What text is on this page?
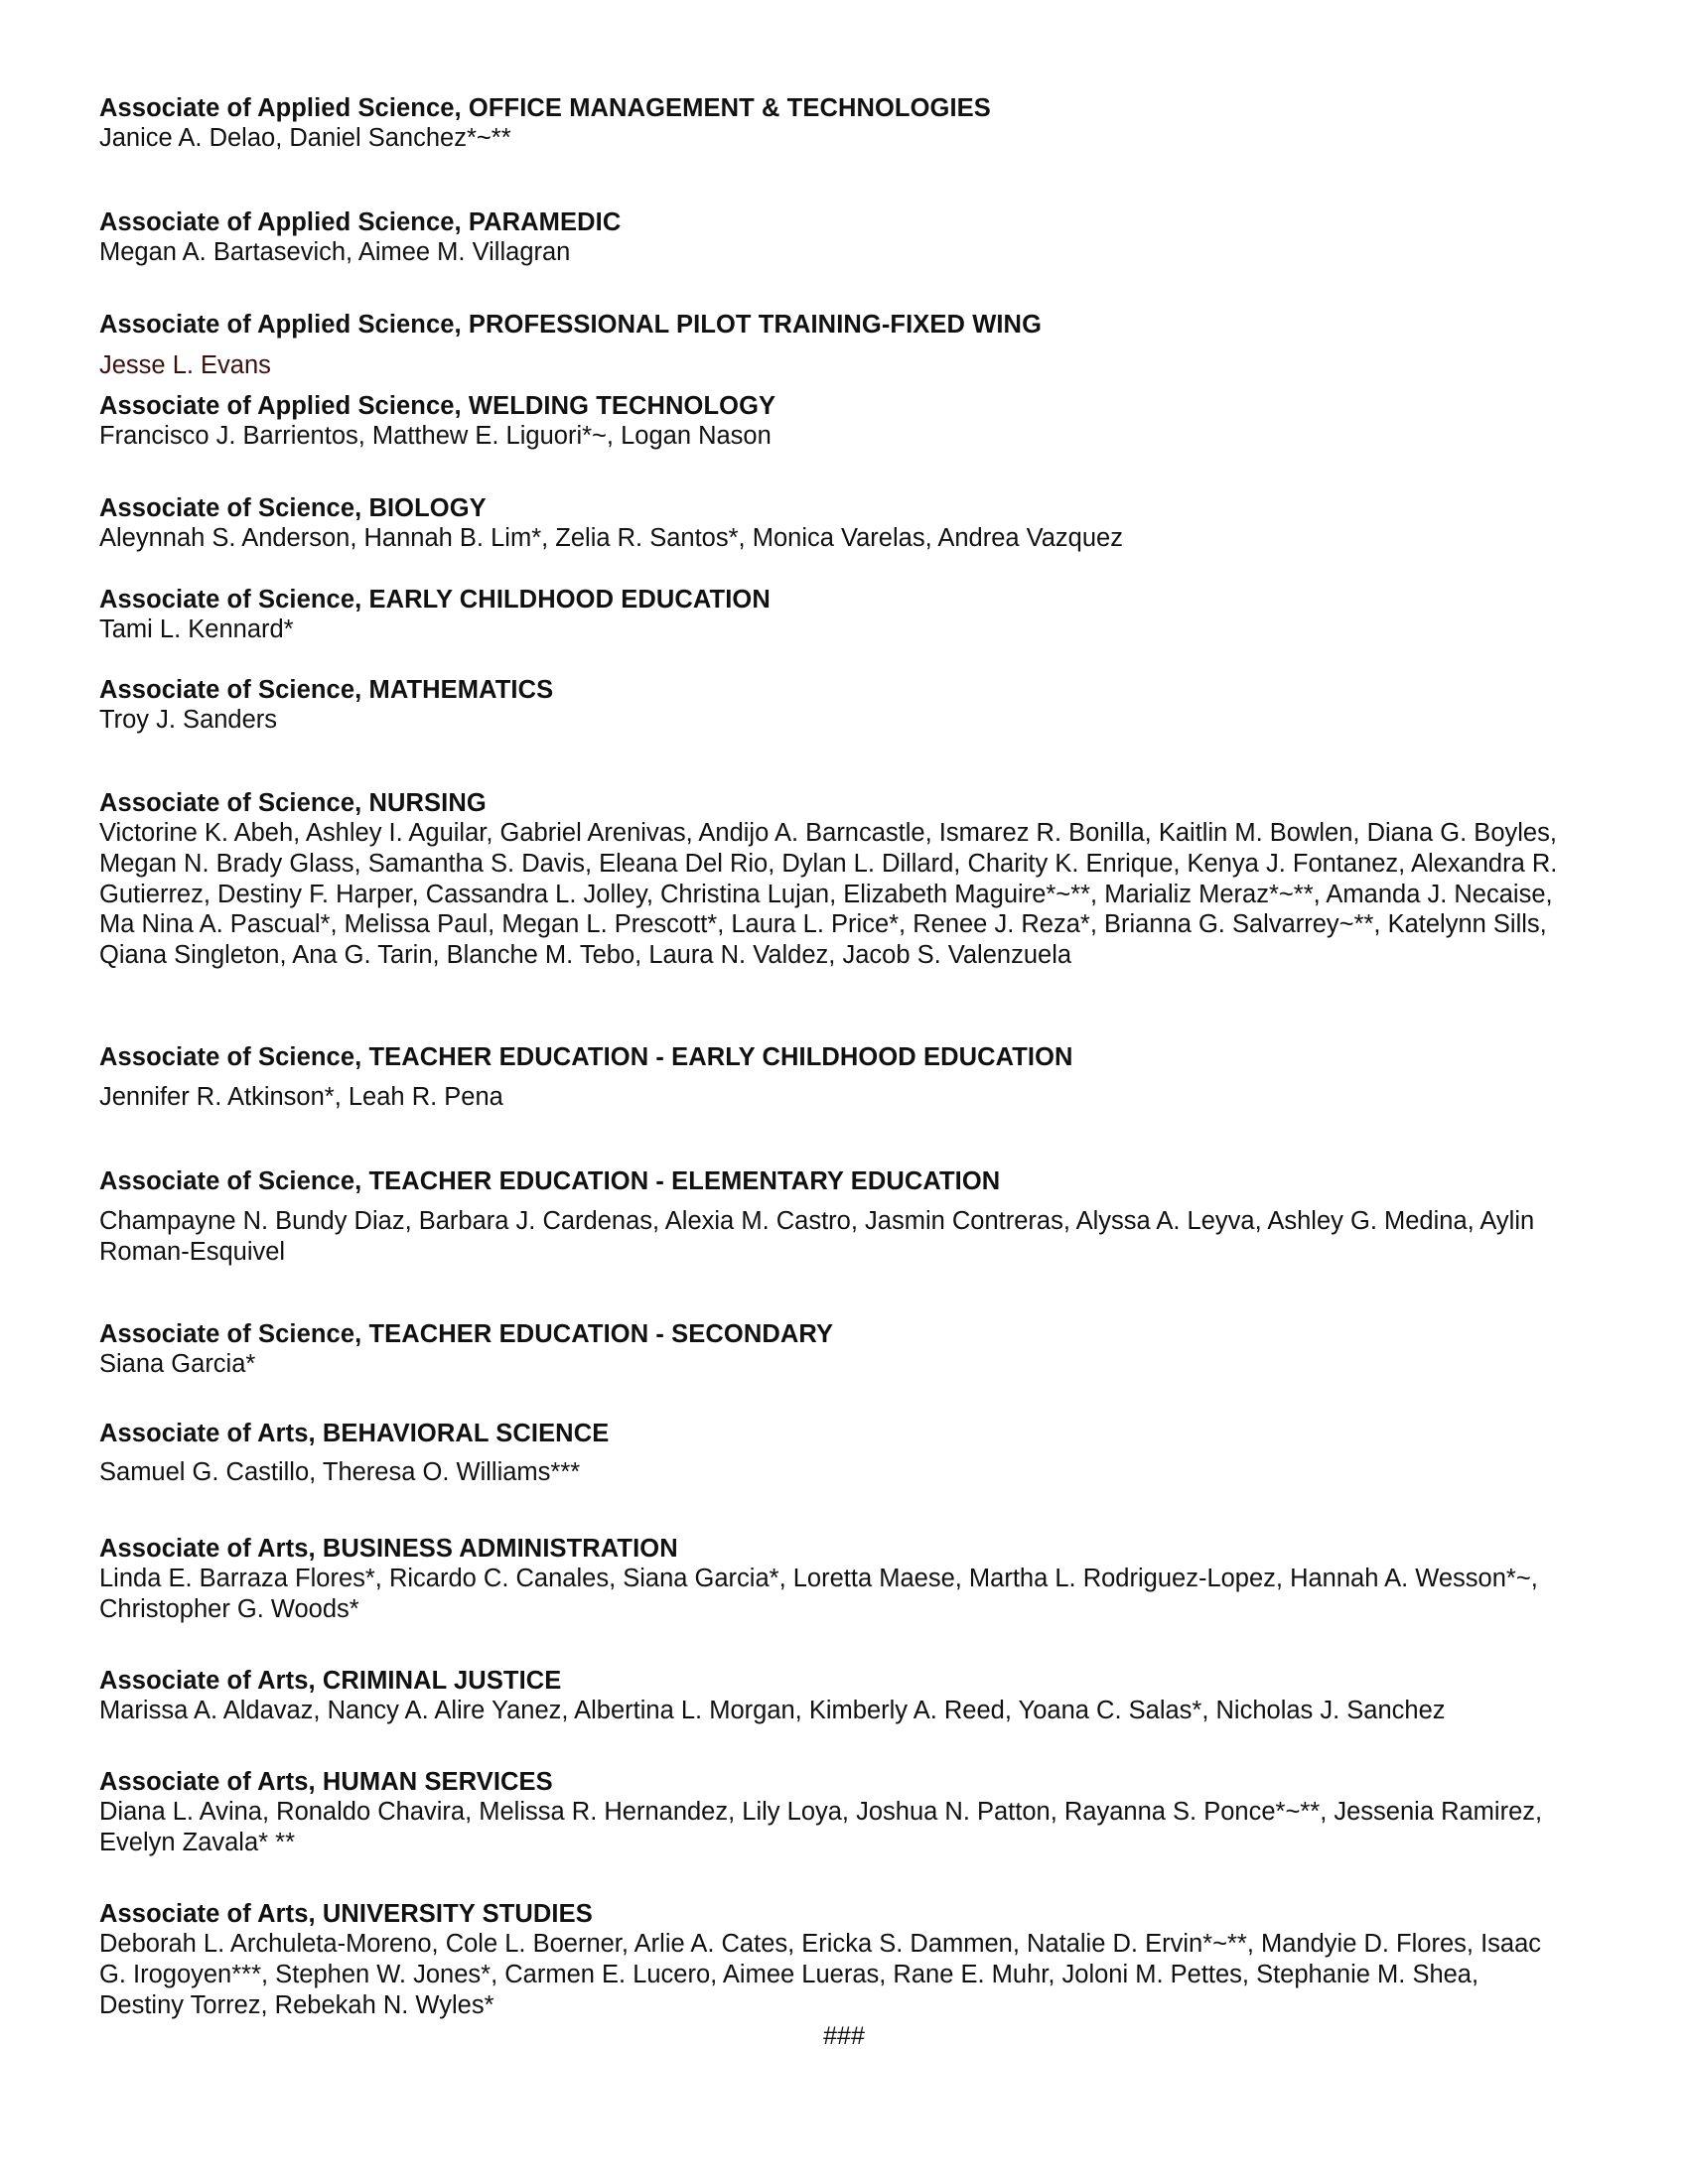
Associate of Applied Science, OFFICE MANAGEMENT & TECHNOLOGIES

Janice A. Delao, Daniel Sanchez*~**

Associate of Applied Science, PARAMEDIC

Megan A. Bartasevich, Aimee M. Villagran

Associate of Applied Science, PROFESSIONAL PILOT TRAINING-FIXED WING

Jesse L. Evans

Associate of Applied Science, WELDING TECHNOLOGY

Francisco J. Barrientos, Matthew E. Liguori*~, Logan Nason

Associate of Science, BIOLOGY

Aleynnah S. Anderson, Hannah B. Lim*, Zelia R. Santos*, Monica Varelas, Andrea Vazquez

Associate of Science, EARLY CHILDHOOD EDUCATION

Tami L. Kennard*

Associate of Science, MATHEMATICS

Troy J. Sanders

Associate of Science, NURSING

Victorine K. Abeh, Ashley I. Aguilar, Gabriel Arenivas, Andijo A. Barncastle, Ismarez R. Bonilla, Kaitlin M. Bowlen, Diana G. Boyles, Megan N. Brady Glass, Samantha S. Davis, Eleana Del Rio, Dylan L. Dillard, Charity K. Enrique, Kenya J. Fontanez, Alexandra R. Gutierrez, Destiny F. Harper, Cassandra L. Jolley, Christina Lujan, Elizabeth Maguire*~**, Marializ Meraz*~**, Amanda J. Necaise, Ma Nina A. Pascual*, Melissa Paul, Megan L. Prescott*, Laura L. Price*, Renee J. Reza*, Brianna G. Salvarrey~**, Katelynn Sills, Qiana Singleton, Ana G. Tarin, Blanche M. Tebo, Laura N. Valdez, Jacob S. Valenzuela

Associate of Science, TEACHER EDUCATION - EARLY CHILDHOOD EDUCATION

Jennifer R. Atkinson*, Leah R. Pena

Associate of Science, TEACHER EDUCATION - ELEMENTARY EDUCATION

Champayne N. Bundy Diaz, Barbara J. Cardenas, Alexia M. Castro, Jasmin Contreras, Alyssa A. Leyva, Ashley G. Medina, Aylin Roman-Esquivel

Associate of Science, TEACHER EDUCATION - SECONDARY

Siana Garcia*

Associate of Arts, BEHAVIORAL SCIENCE

Samuel G. Castillo, Theresa O. Williams***

Associate of Arts, BUSINESS ADMINISTRATION

Linda E. Barraza Flores*, Ricardo C. Canales, Siana Garcia*, Loretta Maese, Martha L. Rodriguez-Lopez, Hannah A. Wesson*~, Christopher G. Woods*

Associate of Arts, CRIMINAL JUSTICE

Marissa A. Aldavaz, Nancy A. Alire Yanez, Albertina L. Morgan, Kimberly A. Reed, Yoana C. Salas*, Nicholas J. Sanchez

Associate of Arts, HUMAN SERVICES

Diana L. Avina, Ronaldo Chavira, Melissa R. Hernandez, Lily Loya, Joshua N. Patton, Rayanna S. Ponce*~**, Jessenia Ramirez, Evelyn Zavala* **

Associate of Arts, UNIVERSITY STUDIES

Deborah L. Archuleta-Moreno, Cole L. Boerner, Arlie A. Cates, Ericka S. Dammen, Natalie D. Ervin*~**, Mandyie D. Flores, Isaac G. Irogoyen***, Stephen W. Jones*, Carmen E. Lucero, Aimee Lueras, Rane E. Muhr, Joloni M. Pettes, Stephanie M. Shea, Destiny Torrez, Rebekah N. Wyles*

###
